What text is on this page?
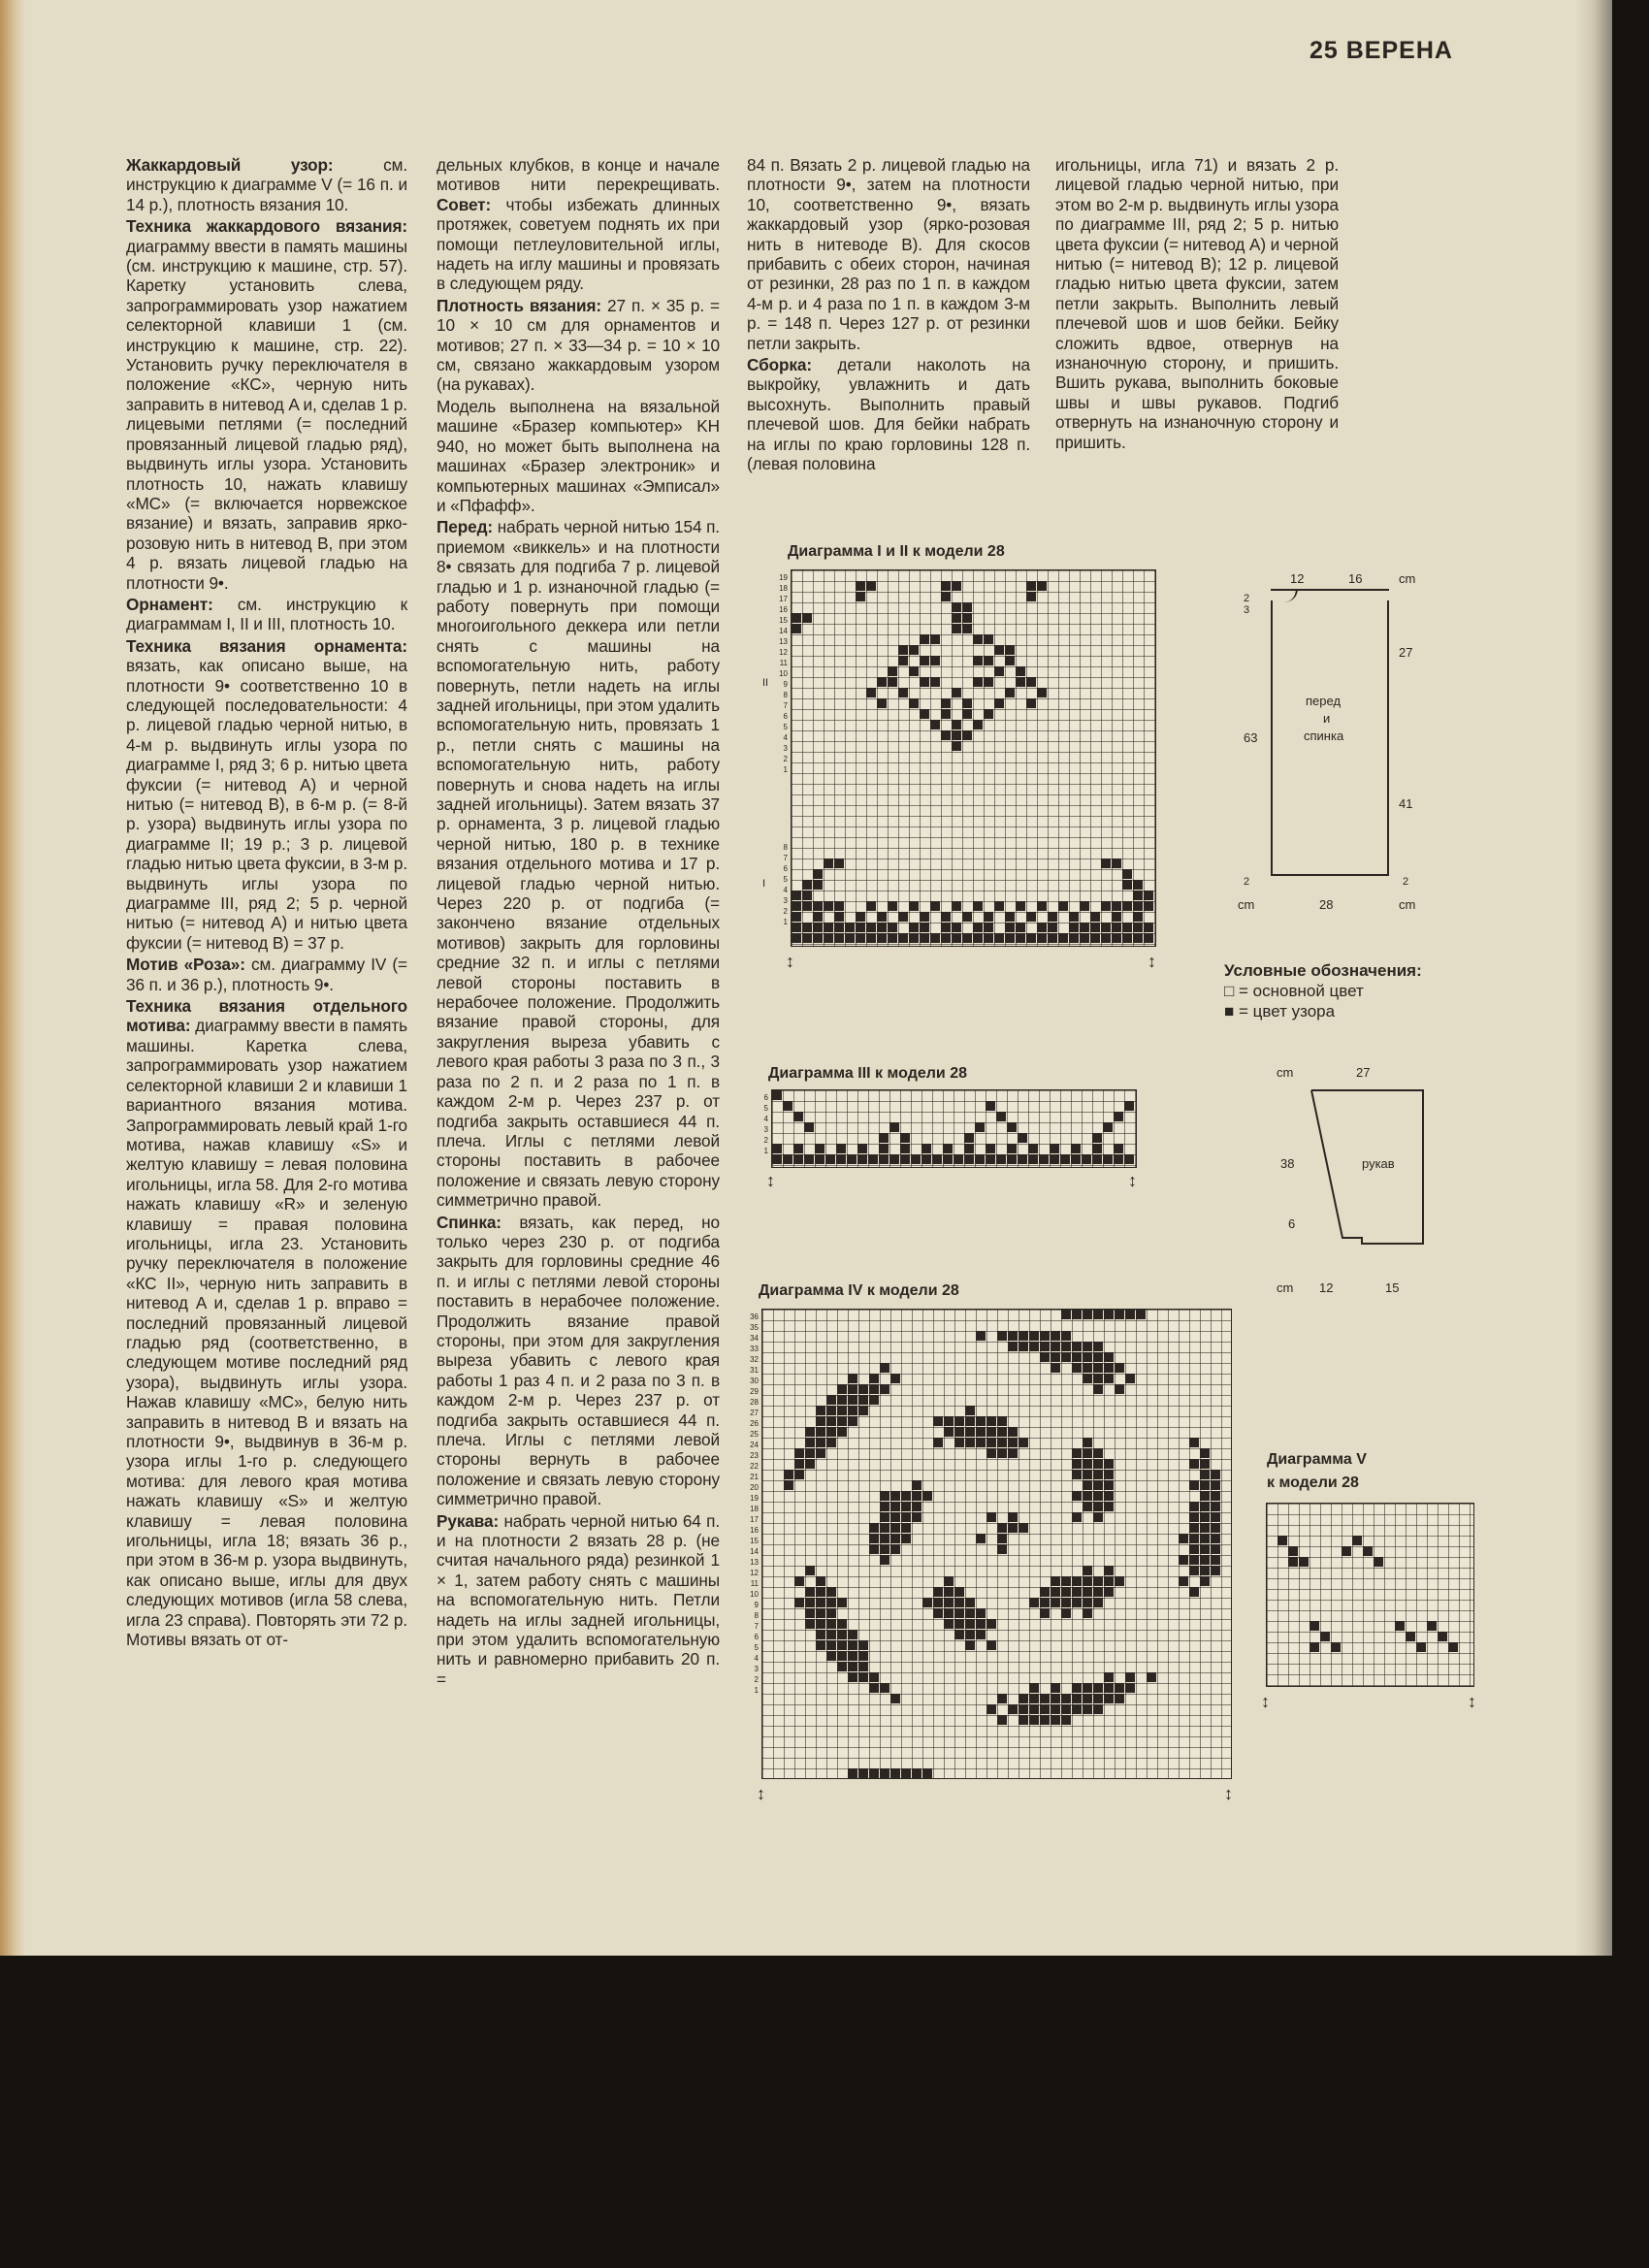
25 ВЕРЕНА

Жаккардовый узор: см. инструкцию к диаграмме V (= 16 п. и 14 р.), плотность вязания 10.

Техника жаккардового вязания: диаграмму ввести в память машины (см. инструкцию к машине, стр. 57). Каретку установить слева, запрограммировать узор нажатием селекторной клавиши 1 (см. инструкцию к машине, стр. 22). Установить ручку переключателя в положение «КС», черную нить заправить в нитевод A и, сделав 1 р. лицевыми петлями (= последний провязанный лицевой гладью ряд), выдвинуть иглы узора. Установить плотность 10, нажать клавишу «МС» (= включается норвежское вязание) и вязать, заправив ярко-розовую нить в нитевод B, при этом 4 р. вязать лицевой гладью на плотности 9•.

Орнамент: см. инструкцию к диаграммам I, II и III, плотность 10.

Техника вязания орнамента: вязать, как описано выше, на плотности 9• соответственно 10 в следующей последовательности: 4 р. лицевой гладью черной нитью, в 4-м р. выдвинуть иглы узора по диаграмме I, ряд 3; 6 р. нитью цвета фуксии (= нитевод A) и черной нитью (= нитевод B), в 6-м р. (= 8-й р. узора) выдвинуть иглы узора по диаграмме II; 19 р.; 3 р. лицевой гладью нитью цвета фуксии, в 3-м р. выдвинуть иглы узора по диаграмме III, ряд 2; 5 р. черной нитью (= нитевод A) и нитью цвета фуксии (= нитевод B) = 37 р.

Мотив «Роза»: см. диаграмму IV (= 36 п. и 36 р.), плотность 9•.

Техника вязания отдельного мотива: диаграмму ввести в память машины. Каретка слева, запрограммировать узор нажатием селекторной клавиши 2 и клавиши 1 вариантного вязания мотива. Запрограммировать левый край 1-го мотива, нажав клавишу «S» и желтую клавишу = левая половина игольницы, игла 58. Для 2-го мотива нажать клавишу «R» и зеленую клавишу = правая половина игольницы, игла 23. Установить ручку переключателя в положение «КС II», черную нить заправить в нитевод A и, сделав 1 р. вправо = последний провязанный лицевой гладью ряд (соответственно, в следующем мотиве последний ряд узора), выдвинуть иглы узора. Нажав клавишу «МС», белую нить заправить в нитевод B и вязать на плотности 9•, выдвинув в 36-м р. узора иглы 1-го р. следующего мотива: для левого края мотива нажать клавишу «S» и желтую клавишу = левая половина игольницы, игла 18; вязать 36 р., при этом в 36-м р. узора выдвинуть, как описано выше, иглы для двух следующих мотивов (игла 58 слева, игла 23 справа). Повторять эти 72 р. Мотивы вязать от от-

дельных клубков, в конце и начале мотивов нити перекрещивать. Совет: чтобы избежать длинных протяжек, советуем поднять их при помощи петлеуловительной иглы, надеть на иглу машины и провязать в следующем ряду.

Плотность вязания: 27 п. × 35 р. = 10 × 10 см для орнаментов и мотивов; 27 п. × 33—34 р. = 10 × 10 см, связано жаккардовым узором (на рукавах).

Модель выполнена на вязальной машине «Бразер компьютер» KH 940, но может быть выполнена на машинах «Бразер электроник» и компьютерных машинах «Эмписал» и «Пфафф».

Перед: набрать черной нитью 154 п. приемом «виккель» и на плотности 8• связать для подгиба 7 р. лицевой гладью и 1 р. изнаночной гладью (= работу повернуть при помощи многоигольного деккера или петли снять с машины на вспомогательную нить, работу повернуть, петли надеть на иглы задней игольницы, при этом удалить вспомогательную нить, провязать 1 р., петли снять с машины на вспомогательную нить, работу повернуть и снова надеть на иглы задней игольницы). Затем вязать 37 р. орнамента, 3 р. лицевой гладью черной нитью, 180 р. в технике вязания отдельного мотива и 17 р. лицевой гладью черной нитью. Через 220 р. от подгиба (= закончено вязание отдельных мотивов) закрыть для горловины средние 32 п. и иглы с петлями левой стороны поставить в нерабочее положение. Продолжить вязание правой стороны, для закругления выреза убавить с левого края работы 3 раза по 3 п., 3 раза по 2 п. и 2 раза по 1 п. в каждом 2-м р. Через 237 р. от подгиба закрыть оставшиеся 44 п. плеча. Иглы с петлями левой стороны поставить в рабочее положение и связать левую сторону симметрично правой.

Спинка: вязать, как перед, но только через 230 р. от подгиба закрыть для горловины средние 46 п. и иглы с петлями левой стороны поставить в нерабочее положение. Продолжить вязание правой стороны, при этом для закругления выреза убавить с левого края работы 1 раз 4 п. и 2 раза по 3 п. в каждом 2-м р. Через 237 р. от подгиба закрыть оставшиеся 44 п. плеча. Иглы с петлями левой стороны вернуть в рабочее положение и связать левую сторону симметрично правой.

Рукава: набрать черной нитью 64 п. и на плотности 2 вязать 28 р. (не считая начального ряда) резинкой 1 × 1, затем работу снять с машины на вспомогательную нить. Петли надеть на иглы задней игольницы, при этом удалить вспомогательную нить и равномерно прибавить 20 п. =

84 п. Вязать 2 р. лицевой гладью на плотности 9•, затем на плотности 10, соответственно 9•, вязать жаккардовый узор (ярко-розовая нить в нитеводе B). Для скосов прибавить с обеих сторон, начиная от резинки, 28 раз по 1 п. в каждом 4-м р. и 4 раза по 1 п. в каждом 3-м р. = 148 п. Через 127 р. от резинки петли закрыть.

Сборка: детали наколоть на выкройку, увлажнить и дать высохнуть. Выполнить правый плечевой шов. Для бейки набрать на иглы по краю горловины 128 п. (левая половина

игольницы, игла 71) и вязать 2 р. лицевой гладью черной нитью, при этом во 2-м р. выдвинуть иглы узора по диаграмме III, ряд 2; 5 р. нитью цвета фуксии (= нитевод A) и черной нитью (= нитевод B); 12 р. лицевой гладью нитью цвета фуксии, затем петли закрыть. Выполнить левый плечевой шов и шов бейки. Бейку сложить вдвое, отвернув на изнаночную сторону, и пришить. Вшить рукава, выполнить боковые швы и швы рукавов. Подгиб отвернуть на изнаночную сторону и пришить.

Диаграмма I и II к модели 28
II
I
19
18
17
16
15
14
13
12
11
10
9
8
7
6
5
4
3
2
1
8
7
6
5
4
3
2
1
↕	↕
Диаграмма III к модели 28
6
5
4
3
2
1
↕	↕
Диаграмма IV к модели 28
36
35
34
33
32
31
30
29
28
27
26
25
24
23
22
21
20
19
18
17
16
15
14
13
12
11
10
9
8
7
6
5
4
3
2
1
↕	↕
Диаграмма V
к модели 28
↕	↕
12	16	cm
2
3
перед
и
спинка
27
63
41
2	2
cm	28	cm
Условные обозначения:
□ = основной цвет
■ = цвет узора
cm	27
38	рукав
6
cm 12	15
